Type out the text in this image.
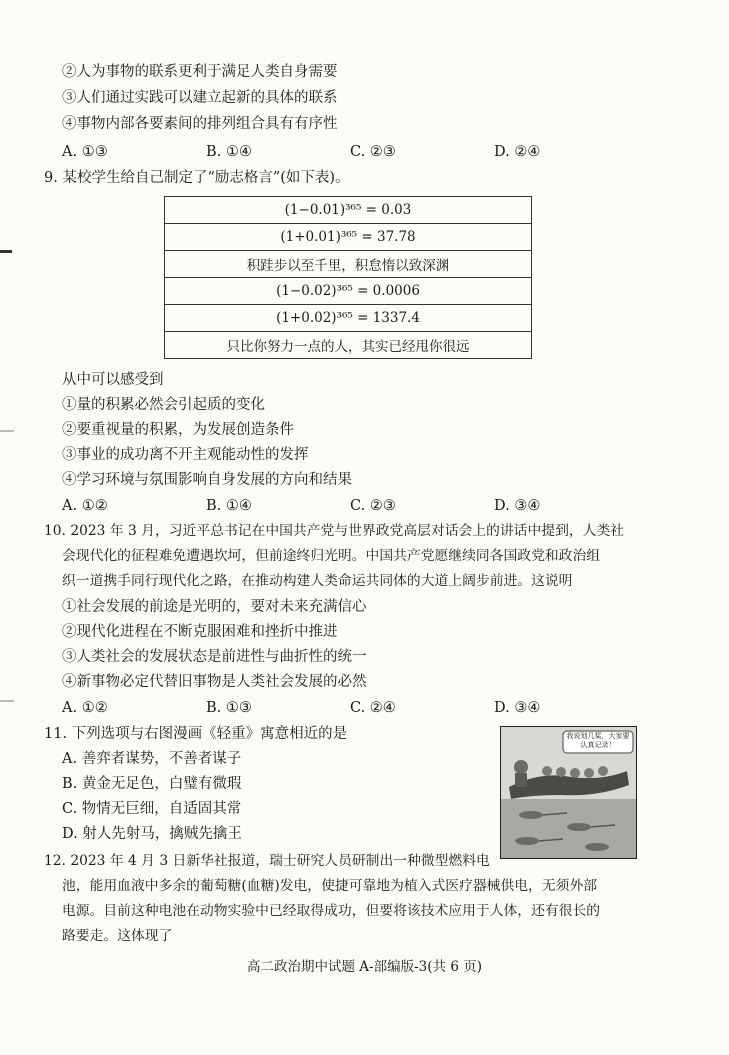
②人为事物的联系更利于满足人类自身需要
③人们通过实践可以建立起新的具体的联系
④事物内部各要素间的排列组合具有有序性
A. ①③	B. ①④	C. ②③	D. ②④
9. 某校学生给自己制定了“励志格言”(如下表)。
(1−0.01)³⁶⁵ = 0.03
(1+0.01)³⁶⁵ = 37.78
积跬步以至千里，积怠惰以致深渊
(1−0.02)³⁶⁵ = 0.0006
(1+0.02)³⁶⁵ = 1337.4
只比你努力一点的人，其实已经甩你很远
从中可以感受到
①量的积累必然会引起质的变化
②要重视量的积累，为发展创造条件
③事业的成功离不开主观能动性的发挥
④学习环境与氛围影响自身发展的方向和结果
A. ①②	B. ①④	C. ②③	D. ③④
10. 2023 年 3 月，习近平总书记在中国共产党与世界政党高层对话会上的讲话中提到，人类社
会现代化的征程难免遭遇坎坷，但前途终归光明。中国共产党愿继续同各国政党和政治组
织一道携手同行现代化之路，在推动构建人类命运共同体的大道上阔步前进。这说明
①社会发展的前途是光明的，要对未来充满信心
②现代化进程在不断克服困难和挫折中推进
③人类社会的发展状态是前进性与曲折性的统一
④新事物必定代替旧事物是人类社会发展的必然
A. ①②	B. ①③	C. ②④	D. ③④
11. 下列选项与右图漫画《轻重》寓意相近的是
A. 善弈者谋势，不善者谋子
B. 黄金无足色，白璧有微瑕
C. 物情无巨细，自适固其常
D. 射人先射马，擒贼先擒王
我说划几桨，大家要认真记录！
12. 2023 年 4 月 3 日新华社报道，瑞士研究人员研制出一种微型燃料电
池，能用血液中多余的葡萄糖(血糖)发电，使捷可靠地为植入式医疗器械供电，无须外部
电源。目前这种电池在动物实验中已经取得成功，但要将该技术应用于人体，还有很长的
路要走。这体现了
高二政治期中试题 A-部编版-3(共 6 页)
